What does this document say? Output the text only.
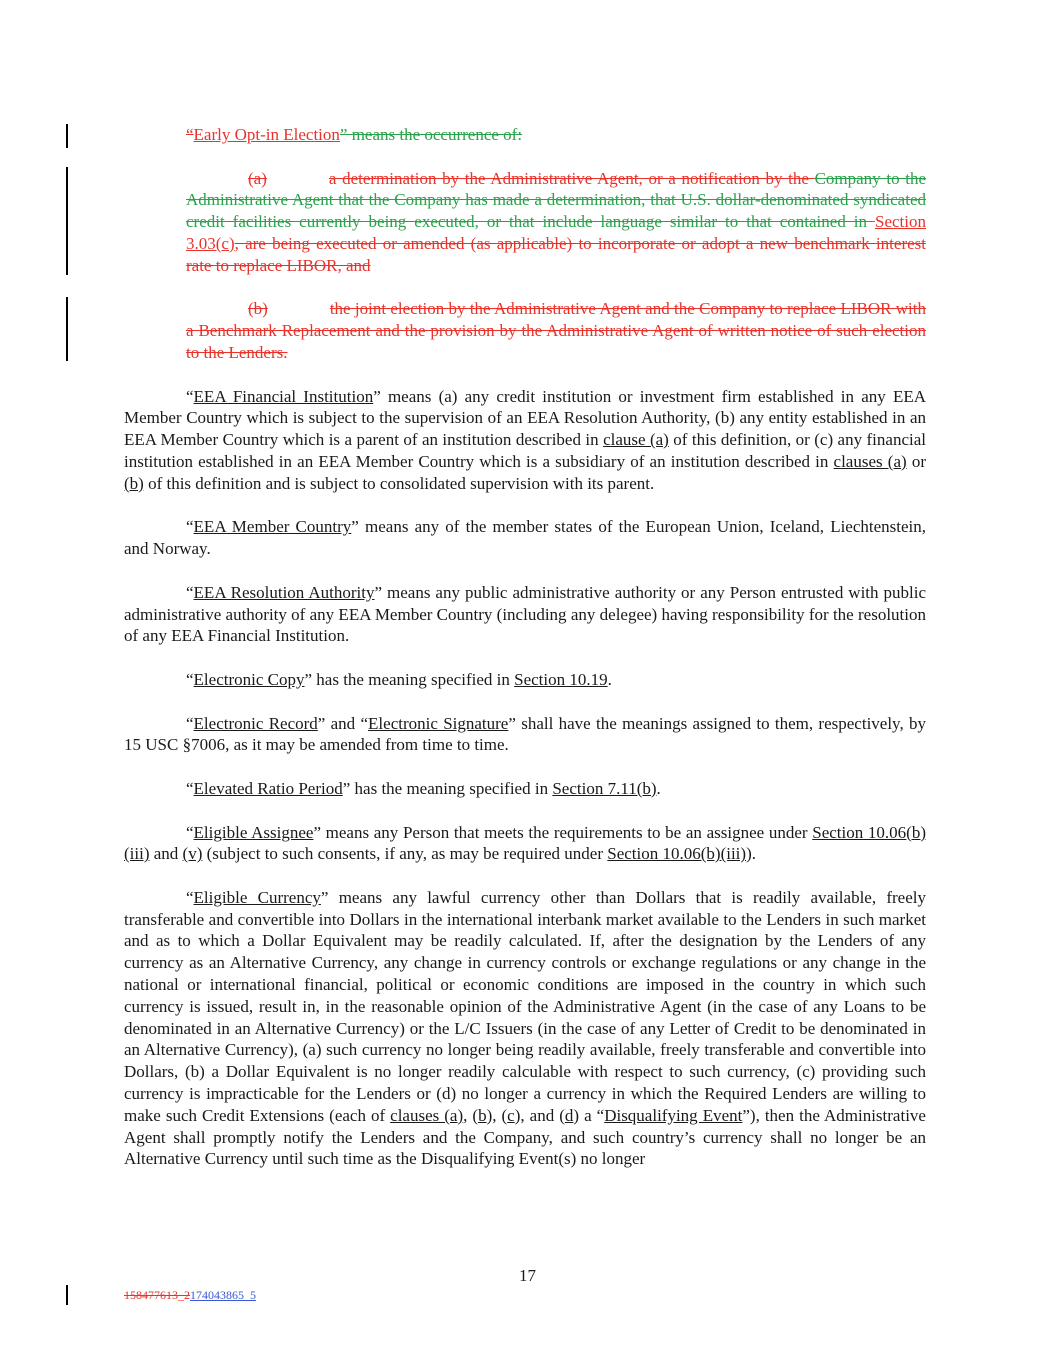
“Early Opt-in Election” means the occurrence of:

(a)	a determination by the Administrative Agent, or a notification by the Company to the Administrative Agent that the Company has made a determination, that U.S. dollar-denominated syndicated credit facilities currently being executed, or that include language similar to that contained in Section 3.03(c), are being executed or amended (as applicable) to incorporate or adopt a new benchmark interest rate to replace LIBOR, and

(b)	the joint election by the Administrative Agent and the Company to replace LIBOR with a Benchmark Replacement and the provision by the Administrative Agent of written notice of such election to the Lenders.

“EEA Financial Institution” means (a) any credit institution or investment firm established in any EEA Member Country which is subject to the supervision of an EEA Resolution Authority, (b) any entity established in an EEA Member Country which is a parent of an institution described in clause (a) of this definition, or (c) any financial institution established in an EEA Member Country which is a subsidiary of an institution described in clauses (a) or (b) of this definition and is subject to consolidated supervision with its parent.

“EEA Member Country” means any of the member states of the European Union, Iceland, Liechtenstein, and Norway.

“EEA Resolution Authority” means any public administrative authority or any Person entrusted with public administrative authority of any EEA Member Country (including any delegee) having responsibility for the resolution of any EEA Financial Institution.

“Electronic Copy” has the meaning specified in Section 10.19.

“Electronic Record” and “Electronic Signature” shall have the meanings assigned to them, respectively, by 15 USC §7006, as it may be amended from time to time.

“Elevated Ratio Period” has the meaning specified in Section 7.11(b).

“Eligible Assignee” means any Person that meets the requirements to be an assignee under Section 10.06(b)(iii) and (v) (subject to such consents, if any, as may be required under Section 10.06(b)(iii)).

“Eligible Currency” means any lawful currency other than Dollars that is readily available, freely transferable and convertible into Dollars in the international interbank market available to the Lenders in such market and as to which a Dollar Equivalent may be readily calculated. If, after the designation by the Lenders of any currency as an Alternative Currency, any change in currency controls or exchange regulations or any change in the national or international financial, political or economic conditions are imposed in the country in which such currency is issued, result in, in the reasonable opinion of the Administrative Agent (in the case of any Loans to be denominated in an Alternative Currency) or the L/C Issuers (in the case of any Letter of Credit to be denominated in an Alternative Currency), (a) such currency no longer being readily available, freely transferable and convertible into Dollars, (b) a Dollar Equivalent is no longer readily calculable with respect to such currency, (c) providing such currency is impracticable for the Lenders or (d) no longer a currency in which the Required Lenders are willing to make such Credit Extensions (each of clauses (a), (b), (c), and (d) a “Disqualifying Event”), then the Administrative Agent shall promptly notify the Lenders and the Company, and such country’s currency shall no longer be an Alternative Currency until such time as the Disqualifying Event(s) no longer

17
158477613_2174043865_5
